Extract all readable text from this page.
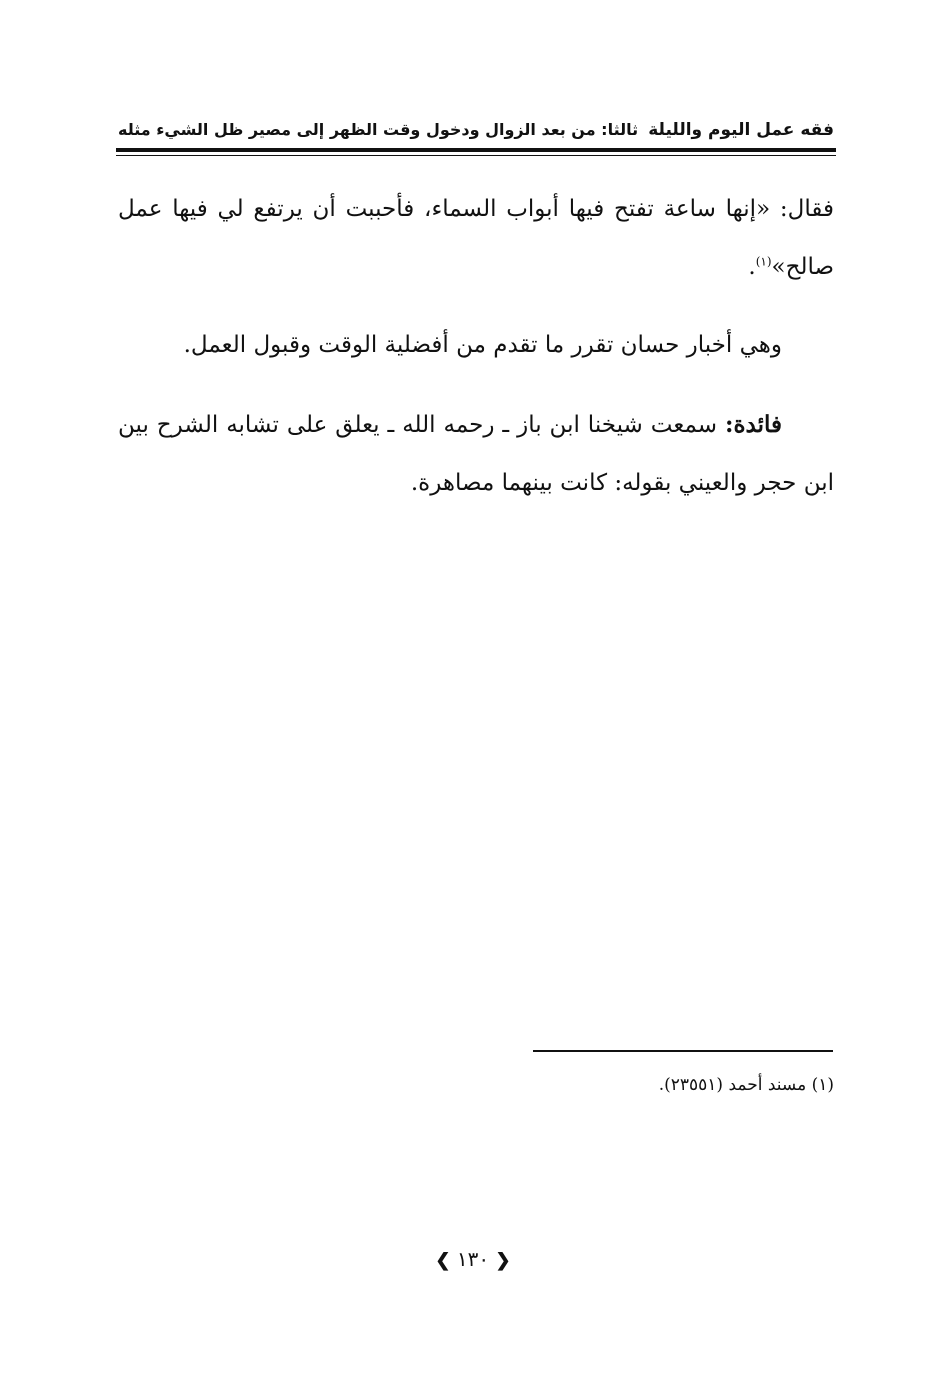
فقه عمل اليوم والليلة
ثالثا: من بعد الزوال ودخول وقت الظهر إلى مصير ظل الشيء مثله

فقال: «إنها ساعة تفتح فيها أبواب السماء، فأحببت أن يرتفع لي فيها عمل صالح»$^{(١)}$.

وهي أخبار حسان تقرر ما تقدم من أفضلية الوقت وقبول العمل.

فائدة: سمعت شيخنا ابن باز ـ رحمه الله ـ يعلق على تشابه الشرح بين ابن حجر والعيني بقوله: كانت بينهما مصاهرة.

(١) مسند أحمد (٢٣٥٥١).
❮ ١٣٠ ❯
